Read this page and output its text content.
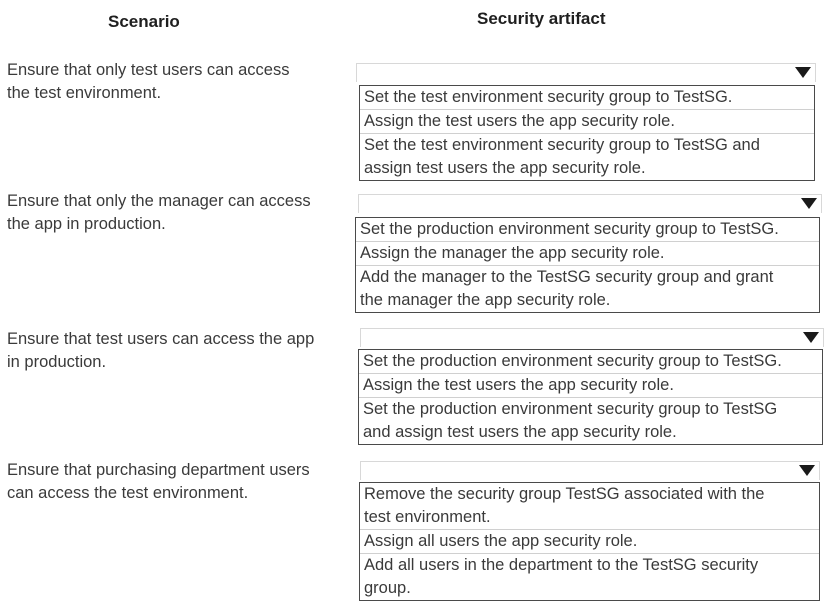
Scenario	Security artifact
Ensure that only test users can access
the test environment.	Set the test environment security group to TestSG.
Assign the test users the app security role.
Set the test environment security group to TestSG and
assign test users the app security role.
Ensure that only the manager can access
the app in production.	Set the production environment security group to TestSG.
Assign the manager the app security role.
Add the manager to the TestSG security group and grant
the manager the app security role.
Ensure that test users can access the app
in production.	Set the production environment security group to TestSG.
Assign the test users the app security role.
Set the production environment security group to TestSG
and assign test users the app security role.
Ensure that purchasing department users
can access the test environment.	Remove the security group TestSG associated with the
test environment.
Assign all users the app security role.
Add all users in the department to the TestSG security
group.
